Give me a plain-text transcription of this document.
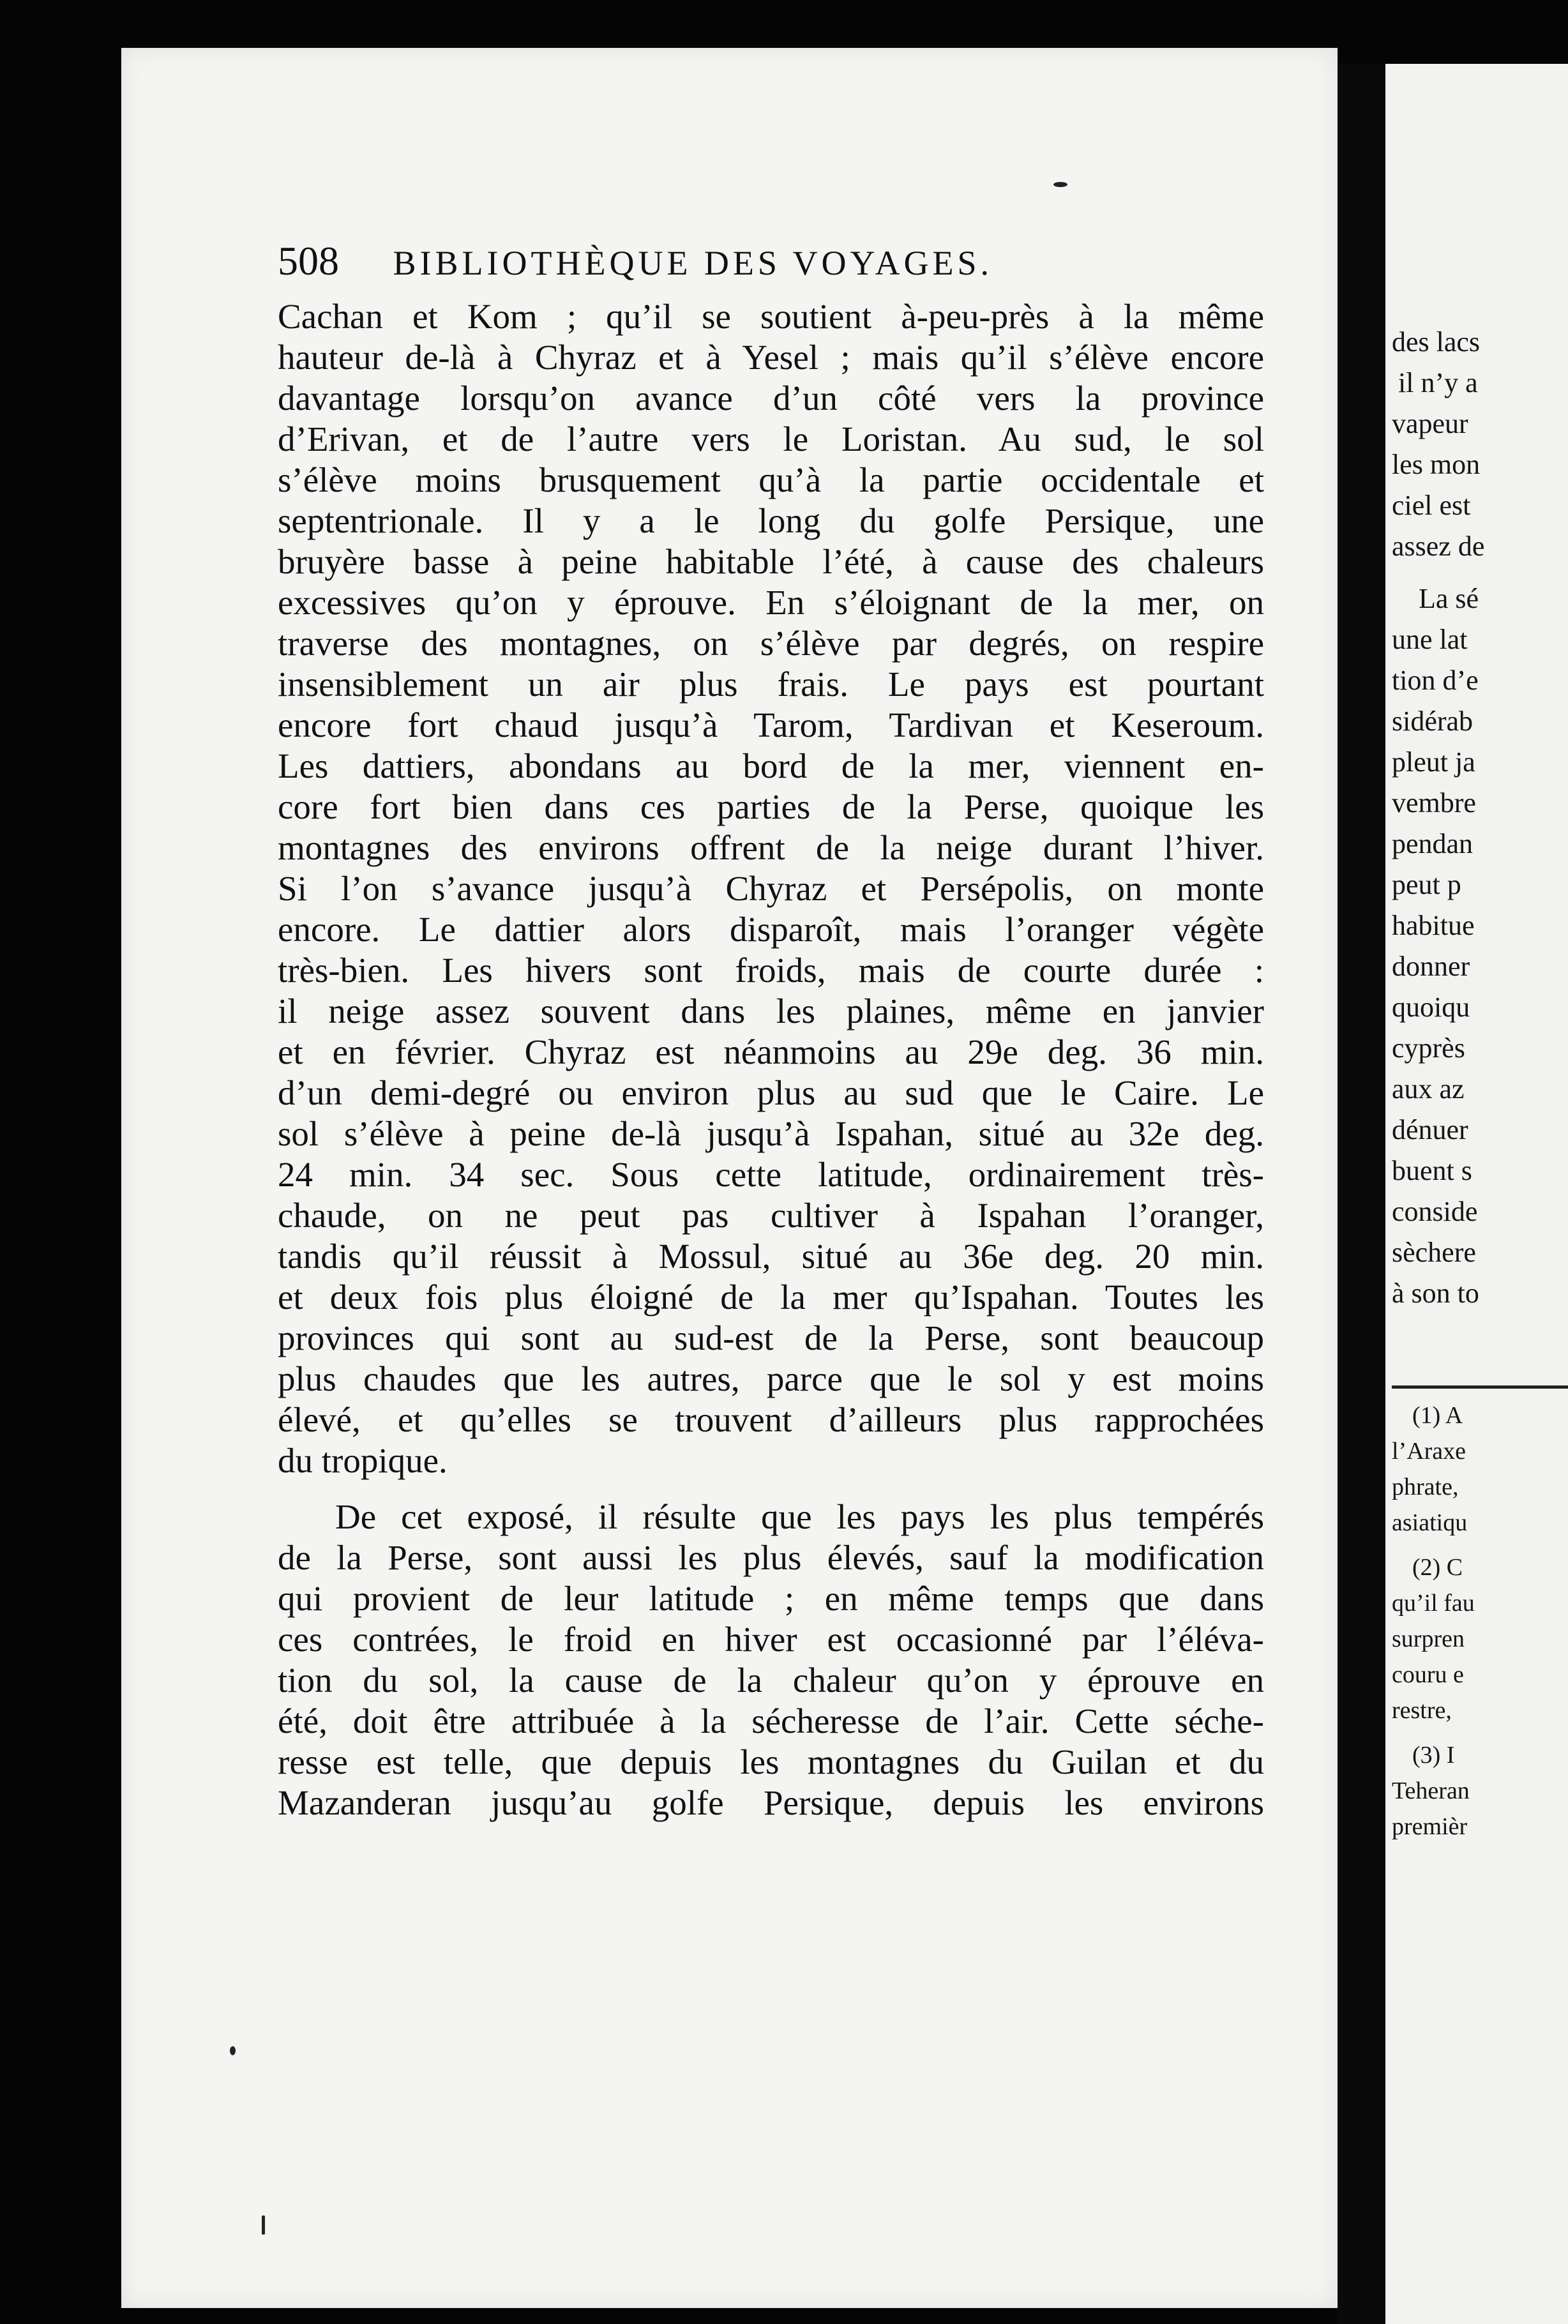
des lacs
il n’y a
vapeur
les mon
ciel est
assez de
La sé
une lat
tion d’e
sidérab
pleut ja
vembre
pendan
peut p
habitue
donner
quoiqu
cyprès
aux az
dénuer
buent s
conside
sèchere
à son to
(1) A
l’Araxe
phrate,
asiatiqu
(2) C
qu’il fau
surpren
couru e
restre,
(3) I
Teheran
premièr
508 BIBLIOTHÈQUE DES VOYAGES.
Cachan et Kom ; qu’il se soutient à-peu-près à la même
hauteur de-là à Chyraz et à Yesel ; mais qu’il s’élève encore
davantage lorsqu’on avance d’un côté vers la province
d’Erivan, et de l’autre vers le Loristan. Au sud, le sol
s’élève moins brusquement qu’à la partie occidentale et
septentrionale. Il y a le long du golfe Persique, une
bruyère basse à peine habitable l’été, à cause des chaleurs
excessives qu’on y éprouve. En s’éloignant de la mer, on
traverse des montagnes, on s’élève par degrés, on respire
insensiblement un air plus frais. Le pays est pourtant
encore fort chaud jusqu’à Tarom, Tardivan et Keseroum.
Les dattiers, abondans au bord de la mer, viennent en-
core fort bien dans ces parties de la Perse, quoique les
montagnes des environs offrent de la neige durant l’hiver.
Si l’on s’avance jusqu’à Chyraz et Persépolis, on monte
encore. Le dattier alors disparoît, mais l’oranger végète
très-bien. Les hivers sont froids, mais de courte durée :
il neige assez souvent dans les plaines, même en janvier
et en février. Chyraz est néanmoins au 29e deg. 36 min.
d’un demi-degré ou environ plus au sud que le Caire. Le
sol s’élève à peine de-là jusqu’à Ispahan, situé au 32e deg.
24 min. 34 sec. Sous cette latitude, ordinairement très-
chaude, on ne peut pas cultiver à Ispahan l’oranger,
tandis qu’il réussit à Mossul, situé au 36e deg. 20 min.
et deux fois plus éloigné de la mer qu’Ispahan. Toutes les
provinces qui sont au sud-est de la Perse, sont beaucoup
plus chaudes que les autres, parce que le sol y est moins
élevé, et qu’elles se trouvent d’ailleurs plus rapprochées
du tropique.
De cet exposé, il résulte que les pays les plus tempérés
de la Perse, sont aussi les plus élevés, sauf la modification
qui provient de leur latitude ; en même temps que dans
ces contrées, le froid en hiver est occasionné par l’éléva-
tion du sol, la cause de la chaleur qu’on y éprouve en
été, doit être attribuée à la sécheresse de l’air. Cette séche-
resse est telle, que depuis les montagnes du Guilan et du
Mazanderan jusqu’au golfe Persique, depuis les environs
